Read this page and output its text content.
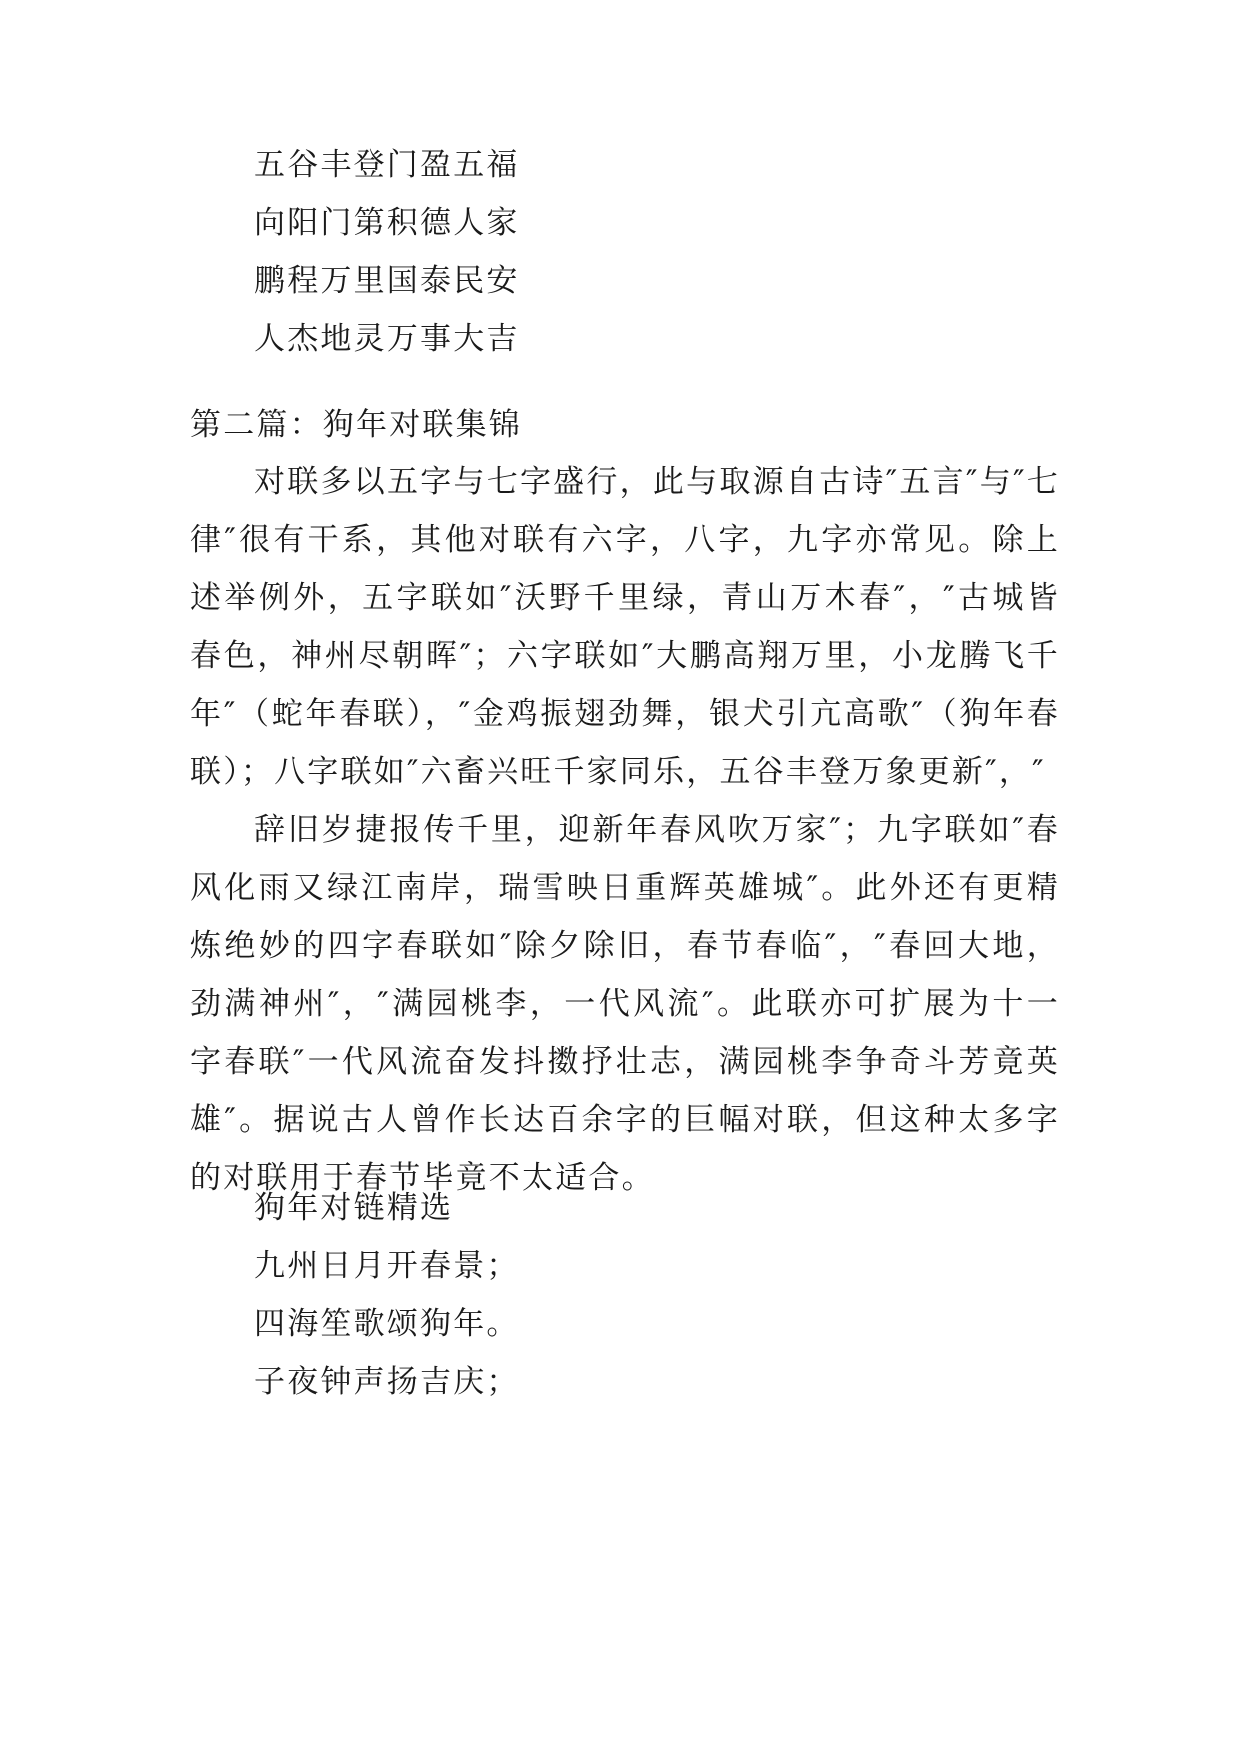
五谷丰登门盈五福
向阳门第积德人家
鹏程万里国泰民安
人杰地灵万事大吉
第二篇：狗年对联集锦

对联多以五字与七字盛行，此与取源自古诗″五言″与″七律″很有干系，其他对联有六字，八字，九字亦常见。除上述举例外，五字联如″沃野千里绿，青山万木春″，″古城皆春色，神州尽朝晖″；六字联如″大鹏高翔万里，小龙腾飞千年″（蛇年春联），″金鸡振翅劲舞，银犬引亢高歌″（狗年春联）；八字联如″六畜兴旺千家同乐，五谷丰登万象更新″，″

辞旧岁捷报传千里，迎新年春风吹万家″；九字联如″春风化雨又绿江南岸，瑞雪映日重辉英雄城″。此外还有更精炼绝妙的四字春联如″除夕除旧，春节春临″，″春回大地，劲满神州″，″满园桃李，一代风流″。此联亦可扩展为十一字春联″一代风流奋发抖擞抒壮志，满园桃李争奇斗芳竟英雄″。据说古人曾作长达百余字的巨幅对联，但这种太多字的对联用于春节毕竟不太适合。

狗年对链精选
九州日月开春景；
四海笙歌颂狗年。
子夜钟声扬吉庆；
